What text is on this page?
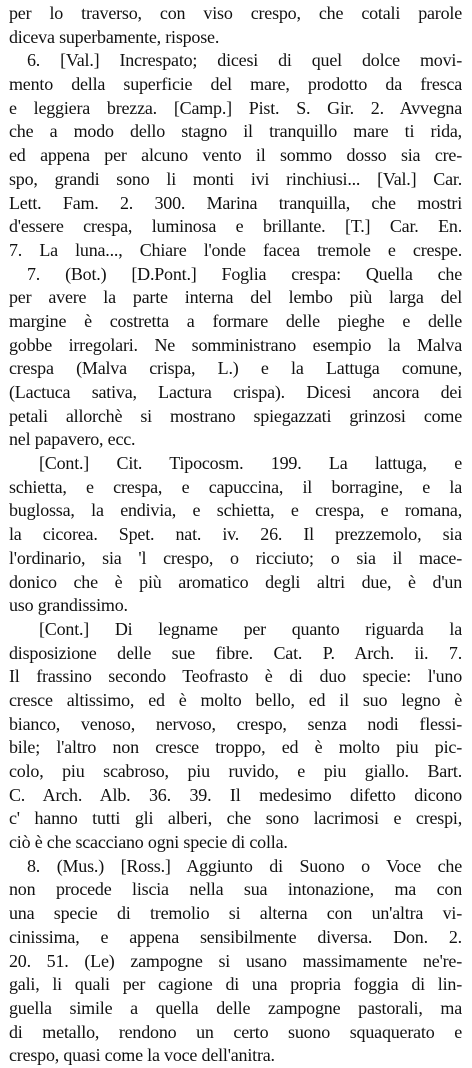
per lo traverso, con viso crespo, che cotali parole
diceva superbamente, rispose.
6. [Val.] Increspato; dicesi di quel dolce movi-
mento della superficie del mare, prodotto da fresca
e leggiera brezza. [Camp.] Pist. S. Gir. 2. Avvegna
che a modo dello stagno il tranquillo mare ti rida,
ed appena per alcuno vento il sommo dosso sia cre-
spo, grandi sono li monti ivi rinchiusi... [Val.] Car.
Lett. Fam. 2. 300. Marina tranquilla, che mostri
d'essere crespa, luminosa e brillante. [T.] Car. En.
7. La luna..., Chiare l'onde facea tremole e crespe.
7. (Bot.) [D.Pont.] Foglia crespa: Quella che
per avere la parte interna del lembo più larga del
margine è costretta a formare delle pieghe e delle
gobbe irregolari. Ne somministrano esempio la Malva
crespa (Malva crispa, L.) e la Lattuga comune,
(Lactuca sativa, Lactura crispa). Dicesi ancora dei
petali allorchè si mostrano spiegazzati grinzosi come
nel papavero, ecc.
[Cont.] Cit. Tipocosm. 199. La lattuga, e
schietta, e crespa, e capuccina, il borragine, e la
buglossa, la endivia, e schietta, e crespa, e romana,
la cicorea. Spet. nat. iv. 26. Il prezzemolo, sia
l'ordinario, sia 'l crespo, o ricciuto; o sia il mace-
donico che è più aromatico degli altri due, è d'un
uso grandissimo.
[Cont.] Di legname per quanto riguarda la
disposizione delle sue fibre. Cat. P. Arch. ii. 7.
Il frassino secondo Teofrasto è di duo specie: l'uno
cresce altissimo, ed è molto bello, ed il suo legno è
bianco, venoso, nervoso, crespo, senza nodi flessi-
bile; l'altro non cresce troppo, ed è molto piu pic-
colo, piu scabroso, piu ruvido, e piu giallo. Bart.
C. Arch. Alb. 36. 39. Il medesimo difetto dicono
c' hanno tutti gli alberi, che sono lacrimosi e crespi,
ciò è che scacciano ogni specie di colla.
8. (Mus.) [Ross.] Aggiunto di Suono o Voce che
non procede liscia nella sua intonazione, ma con
una specie di tremolio si alterna con un'altra vi-
cinissima, e appena sensibilmente diversa. Don. 2.
20. 51. (Le) zampogne si usano massimamente ne're-
gali, li quali per cagione di una propria foggia di lin-
guella simile a quella delle zampogne pastorali, ma
di metallo, rendono un certo suono squaquerato e
crespo, quasi come la voce dell'anitra.
